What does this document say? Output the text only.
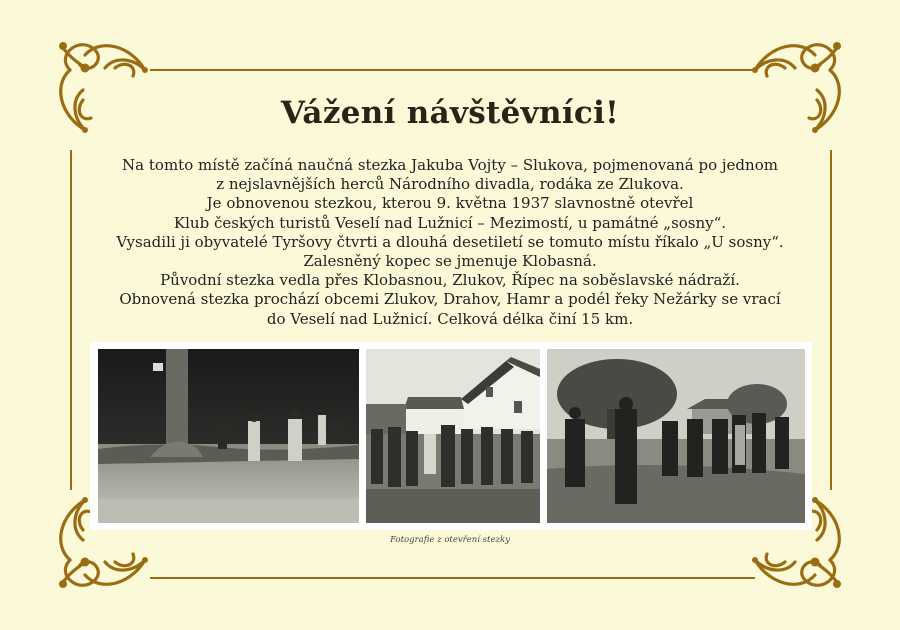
Vážení návštěvníci!
Na tomto místě začíná naučná stezka Jakuba Vojty – Slukova, pojmenovaná po jednom
z nejslavnějších herců Národního divadla, rodáka ze Zlukova.
Je obnovenou stezkou, kterou 9. května 1937 slavnostně otevřel
Klub českých turistů Veselí nad Lužnicí – Mezimostí, u památné „sosny“.
Vysadili ji obyvatelé Tyršovy čtvrti a dlouhá desetiletí se tomuto místu říkalo „U sosny“.
Zalesněný kopec se jmenuje Klobasná.
Původní stezka vedla přes Klobasnou, Zlukov, Řípec na soběslavské nádraží.
Obnovená stezka prochází obcemi Zlukov, Drahov, Hamr a podél řeky Nežárky se vrací
do Veselí nad Lužnicí. Celková délka činí 15 km.
Fotografie z otevření stezky
